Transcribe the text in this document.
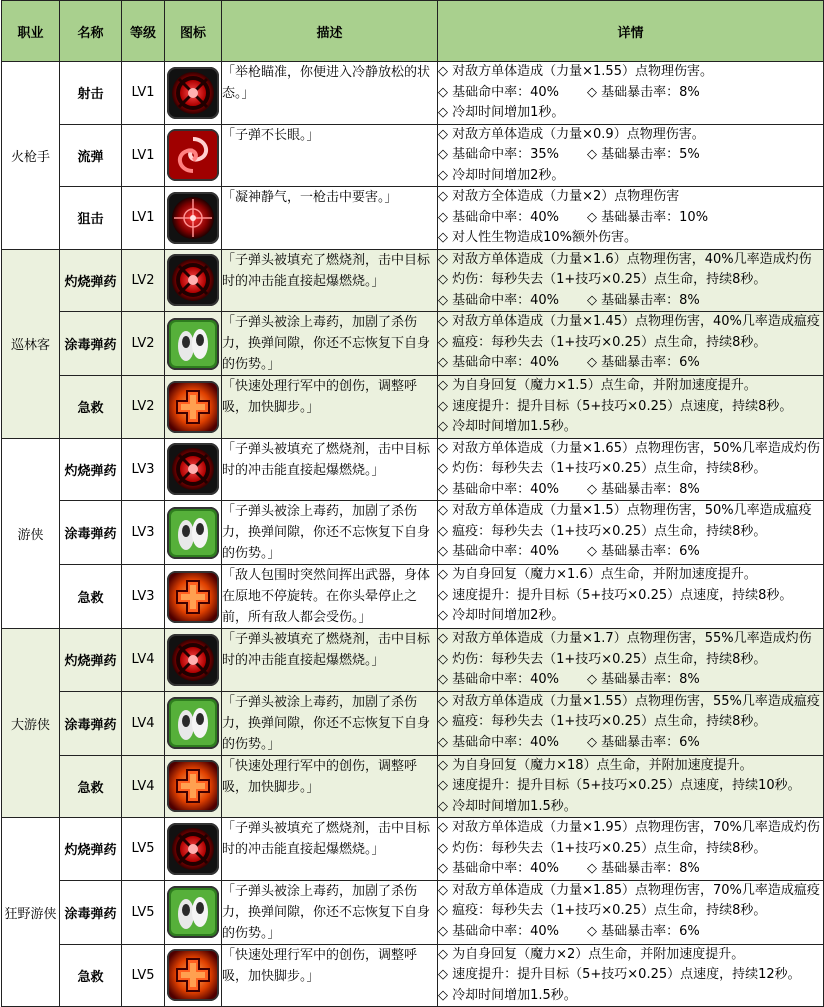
职业	名称	等级	图标	描述	详情
火枪手	射击	LV1		「举枪瞄准，你便进入冷静放松的状态。」	◇ 对敌方单体造成（力量×1.55）点物理伤害。
◇ 基础命中率：40% ◇ 基础暴击率：8%
◇ 冷却时间增加1秒。

	流弹	LV1		「子弹不长眼。」	◇ 对敌方单体造成（力量×0.9）点物理伤害。
◇ 基础命中率：35% ◇ 基础暴击率：5%
◇ 冷却时间增加2秒。

	狙击	LV1		「凝神静气，一枪击中要害。」	◇ 对敌方全体造成（力量×2）点物理伤害
◇ 基础命中率：40% ◇ 基础暴击率：10%
◇ 对人性生物造成10%额外伤害。

巡林客	灼烧弹药	LV2		「子弹头被填充了燃烧剂，击中目标时的冲击能直接起爆燃烧。」	◇ 对敌方单体造成（力量×1.6）点物理伤害，40%几率造成灼伤
◇ 灼伤：每秒失去（1+技巧×0.25）点生命，持续8秒。
◇ 基础命中率：40% ◇ 基础暴击率：8%

	涂毒弹药	LV2		「子弹头被涂上毒药，加剧了杀伤力，换弹间隙，你还不忘恢复下自身的伤势。」	◇ 对敌方单体造成（力量×1.45）点物理伤害，40%几率造成瘟疫
◇ 瘟疫：每秒失去（1+技巧×0.25）点生命，持续8秒。
◇ 基础命中率：40% ◇ 基础暴击率：6%

	急救	LV2		「快速处理行军中的创伤，调整呼吸，加快脚步。」	◇ 为自身回复（魔力×1.5）点生命，并附加速度提升。
◇ 速度提升：提升目标（5+技巧×0.25）点速度，持续8秒。
◇ 冷却时间增加1.5秒。

游侠	灼烧弹药	LV3		「子弹头被填充了燃烧剂，击中目标时的冲击能直接起爆燃烧。」	◇ 对敌方单体造成（力量×1.65）点物理伤害，50%几率造成灼伤
◇ 灼伤：每秒失去（1+技巧×0.25）点生命，持续8秒。
◇ 基础命中率：40% ◇ 基础暴击率：8%

	涂毒弹药	LV3		「子弹头被涂上毒药，加剧了杀伤力，换弹间隙，你还不忘恢复下自身的伤势。」	◇ 对敌方单体造成（力量×1.5）点物理伤害，50%几率造成瘟疫
◇ 瘟疫：每秒失去（1+技巧×0.25）点生命，持续8秒。
◇ 基础命中率：40% ◇ 基础暴击率：6%

	急救	LV3		「敌人包围时突然间挥出武器，身体在原地不停旋转。在你头晕停止之前，所有敌人都会受伤。」	◇ 为自身回复（魔力×1.6）点生命，并附加速度提升。
◇ 速度提升：提升目标（5+技巧×0.25）点速度，持续8秒。
◇ 冷却时间增加2秒。

大游侠	灼烧弹药	LV4		「子弹头被填充了燃烧剂，击中目标时的冲击能直接起爆燃烧。」	◇ 对敌方单体造成（力量×1.7）点物理伤害，55%几率造成灼伤
◇ 灼伤：每秒失去（1+技巧×0.25）点生命，持续8秒。
◇ 基础命中率：40% ◇ 基础暴击率：8%

	涂毒弹药	LV4		「子弹头被涂上毒药，加剧了杀伤力，换弹间隙，你还不忘恢复下自身的伤势。」	◇ 对敌方单体造成（力量×1.55）点物理伤害，55%几率造成瘟疫
◇ 瘟疫：每秒失去（1+技巧×0.25）点生命，持续8秒。
◇ 基础命中率：40% ◇ 基础暴击率：6%

	急救	LV4		「快速处理行军中的创伤，调整呼吸，加快脚步。」	◇ 为自身回复（魔力×18）点生命，并附加速度提升。
◇ 速度提升：提升目标（5+技巧×0.25）点速度，持续10秒。
◇ 冷却时间增加1.5秒。

狂野游侠	灼烧弹药	LV5		「子弹头被填充了燃烧剂，击中目标时的冲击能直接起爆燃烧。」	◇ 对敌方单体造成（力量×1.95）点物理伤害，70%几率造成灼伤
◇ 灼伤：每秒失去（1+技巧×0.25）点生命，持续8秒。
◇ 基础命中率：40% ◇ 基础暴击率：8%

	涂毒弹药	LV5		「子弹头被涂上毒药，加剧了杀伤力，换弹间隙，你还不忘恢复下自身的伤势。」	◇ 对敌方单体造成（力量×1.85）点物理伤害，70%几率造成瘟疫
◇ 瘟疫：每秒失去（1+技巧×0.25）点生命，持续8秒。
◇ 基础命中率：40% ◇ 基础暴击率：6%

	急救	LV5		「快速处理行军中的创伤，调整呼吸，加快脚步。」	◇ 为自身回复（魔力×2）点生命，并附加速度提升。
◇ 速度提升：提升目标（5+技巧×0.25）点速度，持续12秒。
◇ 冷却时间增加1.5秒。
